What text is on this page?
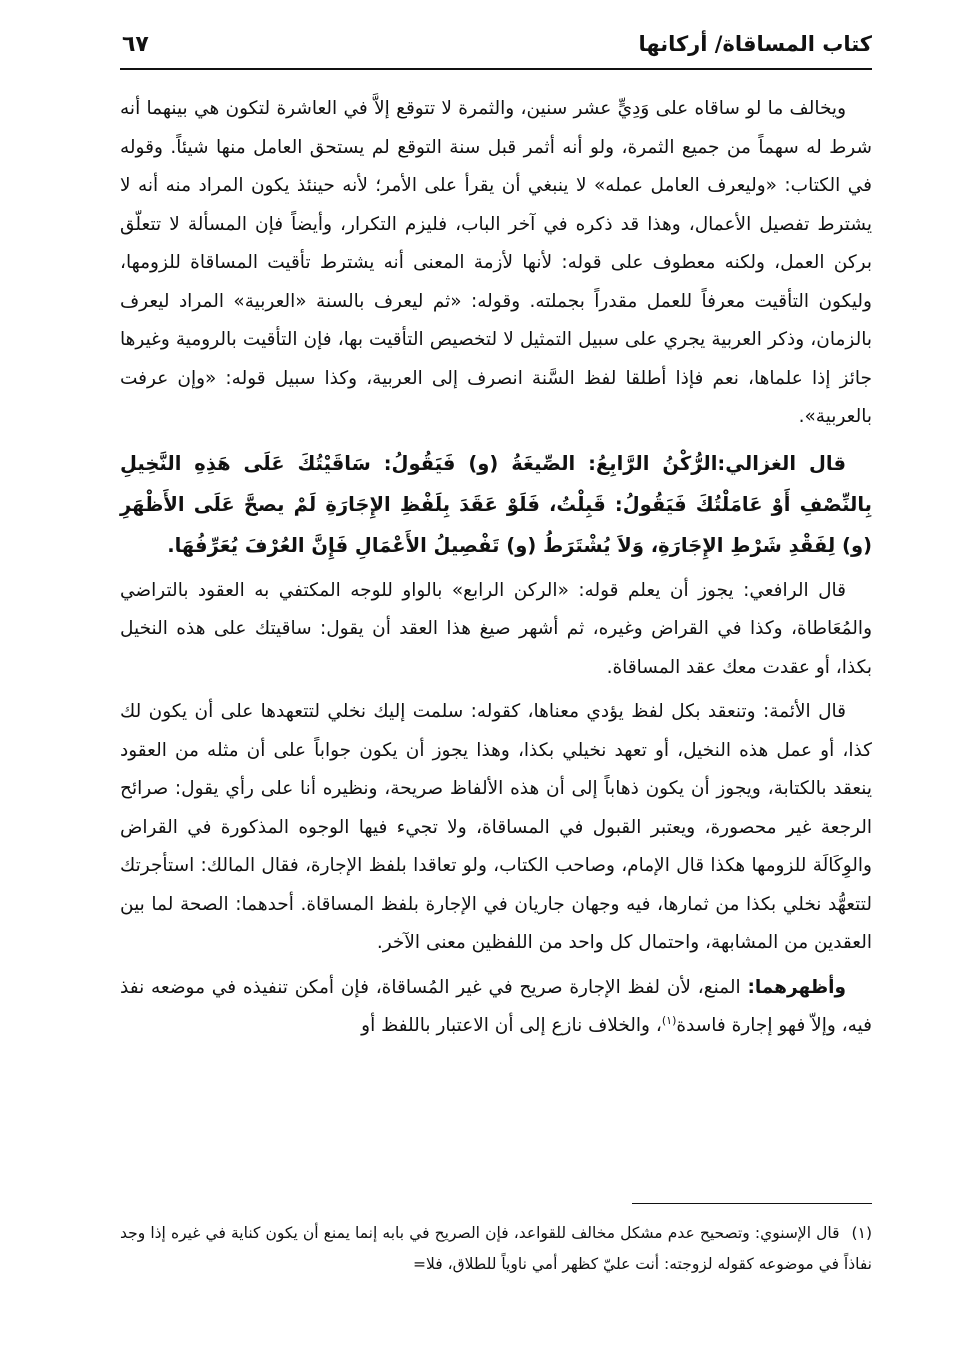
كتاب المساقاة/ أركانها
٦٧

ويخالف ما لو ساقاه على وَدِيٍّ عشر سنين، والثمرة لا تتوقع إلاَّ في العاشرة لتكون هي بينهما أنه شرط له سهماً من جميع الثمرة، ولو أنه أثمر قبل سنة التوقع لم يستحق العامل منها شيئاً. وقوله في الكتاب: «وليعرف العامل عمله» لا ينبغي أن يقرأ على الأمر؛ لأنه حينئذ يكون المراد منه أنه لا يشترط تفصيل الأعمال، وهذا قد ذكره في آخر الباب، فليزم التكرار، وأيضاً فإن المسألة لا تتعلّق بركن العمل، ولكنه معطوف على قوله: لأنها لأزمة المعنى أنه يشترط تأقيت المساقاة للزومها، وليكون التأقيت معرفاً للعمل مقدراً بجملته. وقوله: «ثم ليعرف بالسنة «العربية» المراد ليعرف بالزمان، وذكر العربية يجري على سبيل التمثيل لا لتخصيص التأقيت بها، فإن التأقيت بالرومية وغيرها جائز إذا علماها، نعم فإذا أطلقا لفظ السَّنة انصرف إلى العربية، وكذا سبيل قوله: «وإن عرفت بالعربية».

قال الغزالي:الرُّكْنُ الرَّابِعُ: الصِّيغَةُ (و) فَيَقُولُ: سَاقَيْتُكَ عَلَى هَذِهِ النَّخِيلِ بِالنِّصْفِ أَوْ عَامَلْتُكَ فَيَقُولُ: قَبِلْتُ، فَلَوْ عَقَدَ بِلَفْظِ الإِجَارَةِ لَمْ يصحَّ عَلَى الأَظْهَرِ (و) لِفَقْدِ شَرْطِ الإِجَارَةِ، وَلاَ يُشْتَرَطُ (و) تَفْصِيلُ الأَعْمَالِ فَإِنَّ العُرْفَ يُعَرِّفُهَا.

قال الرافعي: يجوز أن يعلم قوله: «الركن الرابع» بالواو للوجه المكتفي به العقود بالتراضي والمُعَاطاة، وكذا في القراض وغيره، ثم أشهر صيغ هذا العقد أن يقول: ساقيتك على هذه النخيل بكذا، أو عقدت معك عقد المساقاة.

قال الأئمة: وتنعقد بكل لفظ يؤدي معناها، كقوله: سلمت إليك نخلي لتتعهدها على أن يكون لك كذا، أو عمل هذه النخيل، أو تعهد نخيلي بكذا، وهذا يجوز أن يكون جواباً على أن مثله من العقود ينعقد بالكتابة، ويجوز أن يكون ذهاباً إلى أن هذه الألفاظ صريحة، ونظيره أنا على رأي يقول: صرائح الرجعة غير محصورة، ويعتبر القبول في المساقاة، ولا تجيء فيها الوجوه المذكورة في القراض والوِكَالَة للزومها هكذا قال الإمام، وصاحب الكتاب، ولو تعاقدا بلفظ الإجارة، فقال المالك: استأجرتك لتتعهُّد نخلي بكذا من ثمارها، فيه وجهان جاريان في الإجارة بلفظ المساقاة. أحدهما: الصحة لما بين العقدين من المشابهة، واحتمال كل واحد من اللفظين معنى الآخر.

وأظهرهما: المنع، لأن لفظ الإجارة صريح في غير المُساقاة، فإن أمكن تنفيذه في موضعه نفذ فيه، وإلاّ فهو إجارة فاسدة$^{(١)}$، والخلاف نازع إلى أن الاعتبار باللفظ أو

(١)قال الإسنوي: وتصحيح عدم مشكل مخالف للقواعد، فإن الصريح في بابه إنما يمنع أن يكون كناية في غيره إذا وجد نفاذاً في موضوعه كقوله لزوجته: أنت عليّ كظهر أمي ناوياً للطلاق، فلا=
